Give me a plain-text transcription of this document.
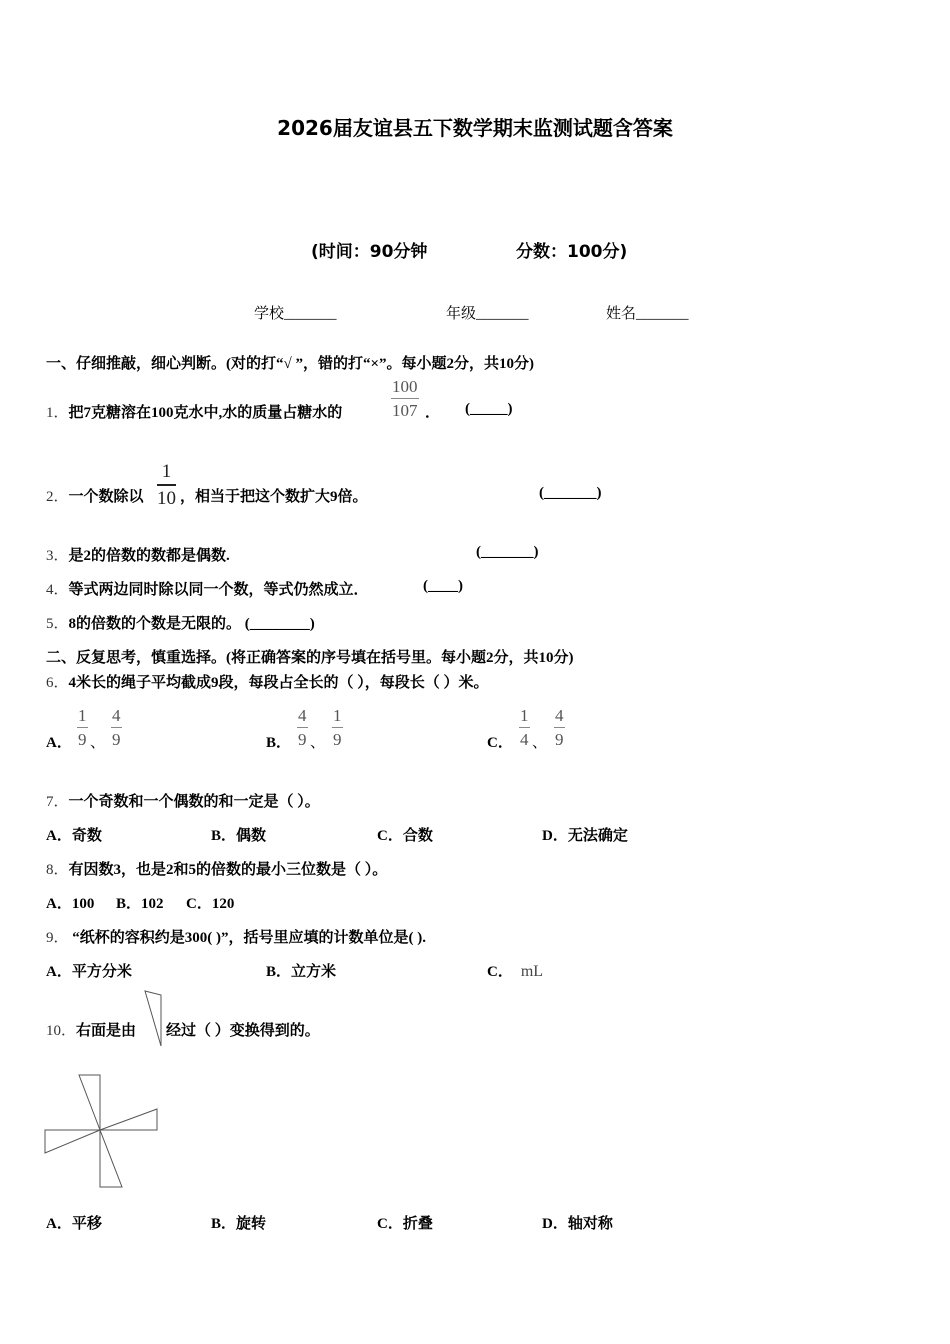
2026届友谊县五下数学期末监测试题含答案
(时间：90分钟	分数：100分)
学校_______	年级_______	姓名_______
一、仔细推敲，细心判断。(对的打“√ ”，错的打“×”。每小题2分，共10分)
1．把7克糖溶在100克水中,水的质量占糖水的
100
107 ． (_____)
2．一个数除以
1
10 ，相当于把这个数扩大9倍。	(_______)
3．是2的倍数的数都是偶数.	(_______)
4．等式两边同时除以同一个数，等式仍然成立．	(____)
5．8的倍数的个数是无限的。 (________)
二、反复思考，慎重选择。(将正确答案的序号填在括号里。每小题2分，共10分)
6．4米长的绳子平均截成9段，每段占全长的（ ），每段长（ ）米。
A．
1
9 、
4
9	B．
4
9 、
1
9	C．
1
4 、
4
9
7．一个奇数和一个偶数的和一定是（ ）。
A．奇数	B．偶数	C．合数	D．无法确定
8．有因数3，也是2和5的倍数的最小三位数是（ ）。
A．100 B．102 C．120
9． “纸杯的容积约是300( )”，括号里应填的计数单位是( ).
A．平方分米	B．立方米	C． mL
10．右面是由 经过（ ）变换得到的。
A．平移	B．旋转	C．折叠	D．轴对称
